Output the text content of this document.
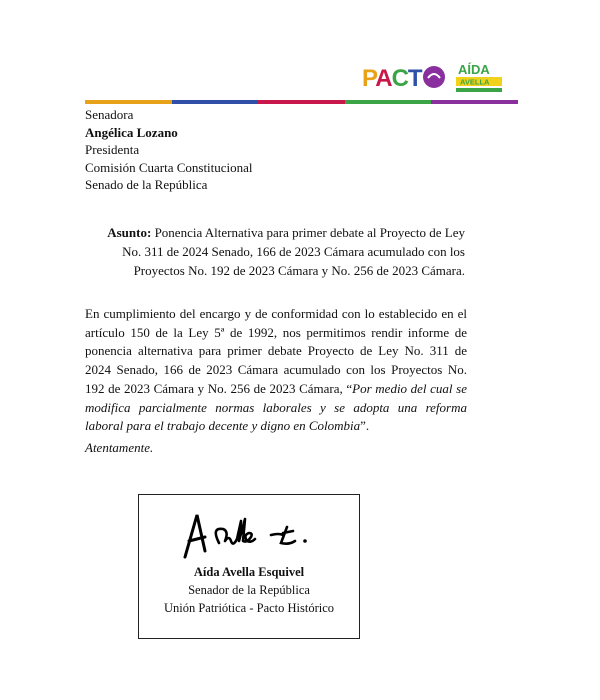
PACT	AÍDA
AVELLA
Senadora
Angélica Lozano
Presidenta
Comisión Cuarta Constitucional
Senado de la República
Asunto: Ponencia Alternativa para primer debate al Proyecto de Ley No. 311 de 2024 Senado, 166 de 2023 Cámara acumulado con los Proyectos No. 192 de 2023 Cámara y No. 256 de 2023 Cámara.
En cumplimiento del encargo y de conformidad con lo establecido en el artículo 150 de la Ley 5ª de 1992, nos permitimos rendir informe de ponencia alternativa para primer debate Proyecto de Ley No. 311 de 2024 Senado, 166 de 2023 Cámara acumulado con los Proyectos No. 192 de 2023 Cámara y No. 256 de 2023 Cámara, “Por medio del cual se modifica parcialmente normas laborales y se adopta una reforma laboral para el trabajo decente y digno en Colombia”.
Atentamente.
Aída Avella Esquivel
Senador de la República
Unión Patriótica - Pacto Histórico
